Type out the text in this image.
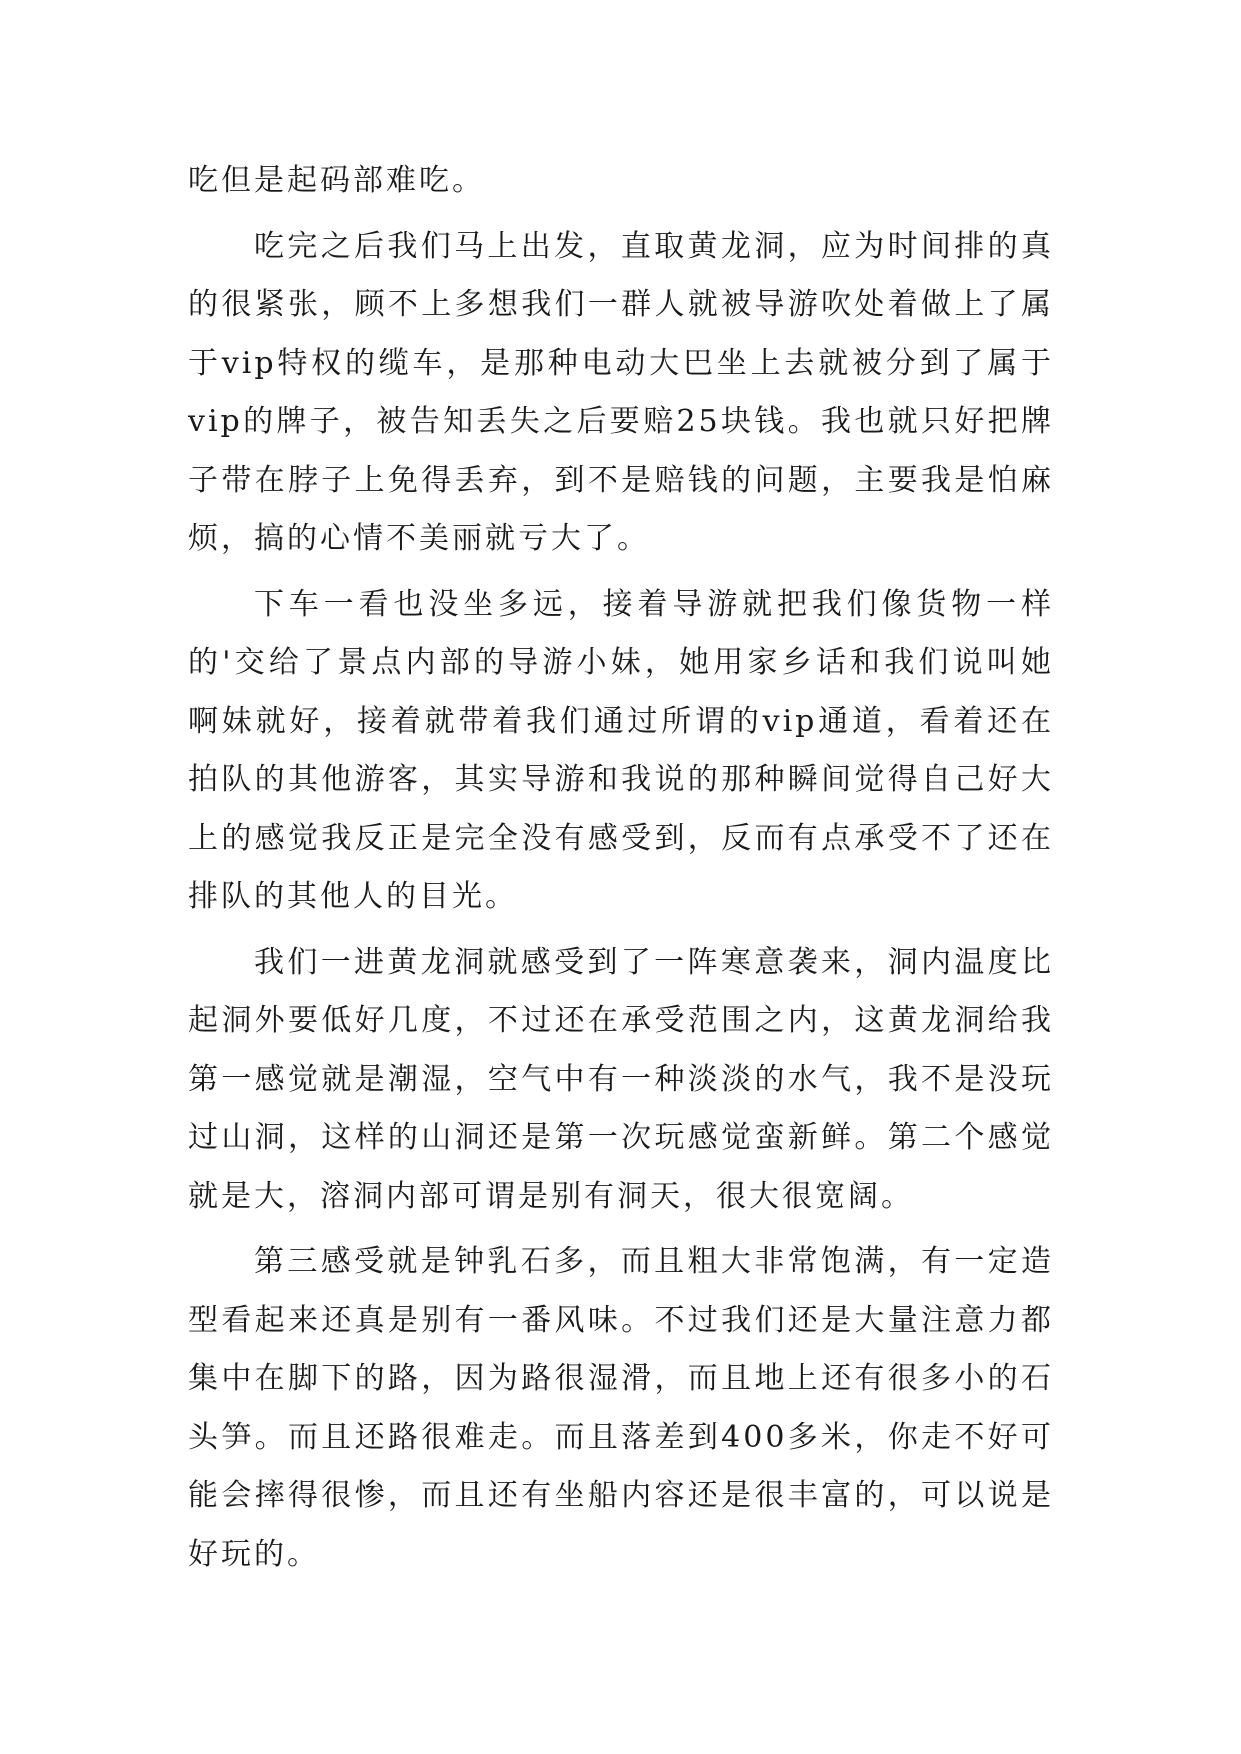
吃但是起码部难吃。

吃完之后我们马上出发，直取黄龙洞，应为时间排的真的很紧张，顾不上多想我们一群人就被导游吹处着做上了属于vip特权的缆车，是那种电动大巴坐上去就被分到了属于vip的牌子，被告知丢失之后要赔25块钱。我也就只好把牌子带在脖子上免得丢弃，到不是赔钱的问题，主要我是怕麻烦，搞的心情不美丽就亏大了。

下车一看也没坐多远，接着导游就把我们像货物一样的'交给了景点内部的导游小妹，她用家乡话和我们说叫她啊妹就好，接着就带着我们通过所谓的vip通道，看着还在拍队的其他游客，其实导游和我说的那种瞬间觉得自己好大上的感觉我反正是完全没有感受到，反而有点承受不了还在排队的其他人的目光。

我们一进黄龙洞就感受到了一阵寒意袭来，洞内温度比起洞外要低好几度，不过还在承受范围之内，这黄龙洞给我第一感觉就是潮湿，空气中有一种淡淡的水气，我不是没玩过山洞，这样的山洞还是第一次玩感觉蛮新鲜。第二个感觉就是大，溶洞内部可谓是别有洞天，很大很宽阔。

第三感受就是钟乳石多，而且粗大非常饱满，有一定造型看起来还真是别有一番风味。不过我们还是大量注意力都集中在脚下的路，因为路很湿滑，而且地上还有很多小的石头笋。而且还路很难走。而且落差到400多米，你走不好可能会摔得很惨，而且还有坐船内容还是很丰富的，可以说是好玩的。
